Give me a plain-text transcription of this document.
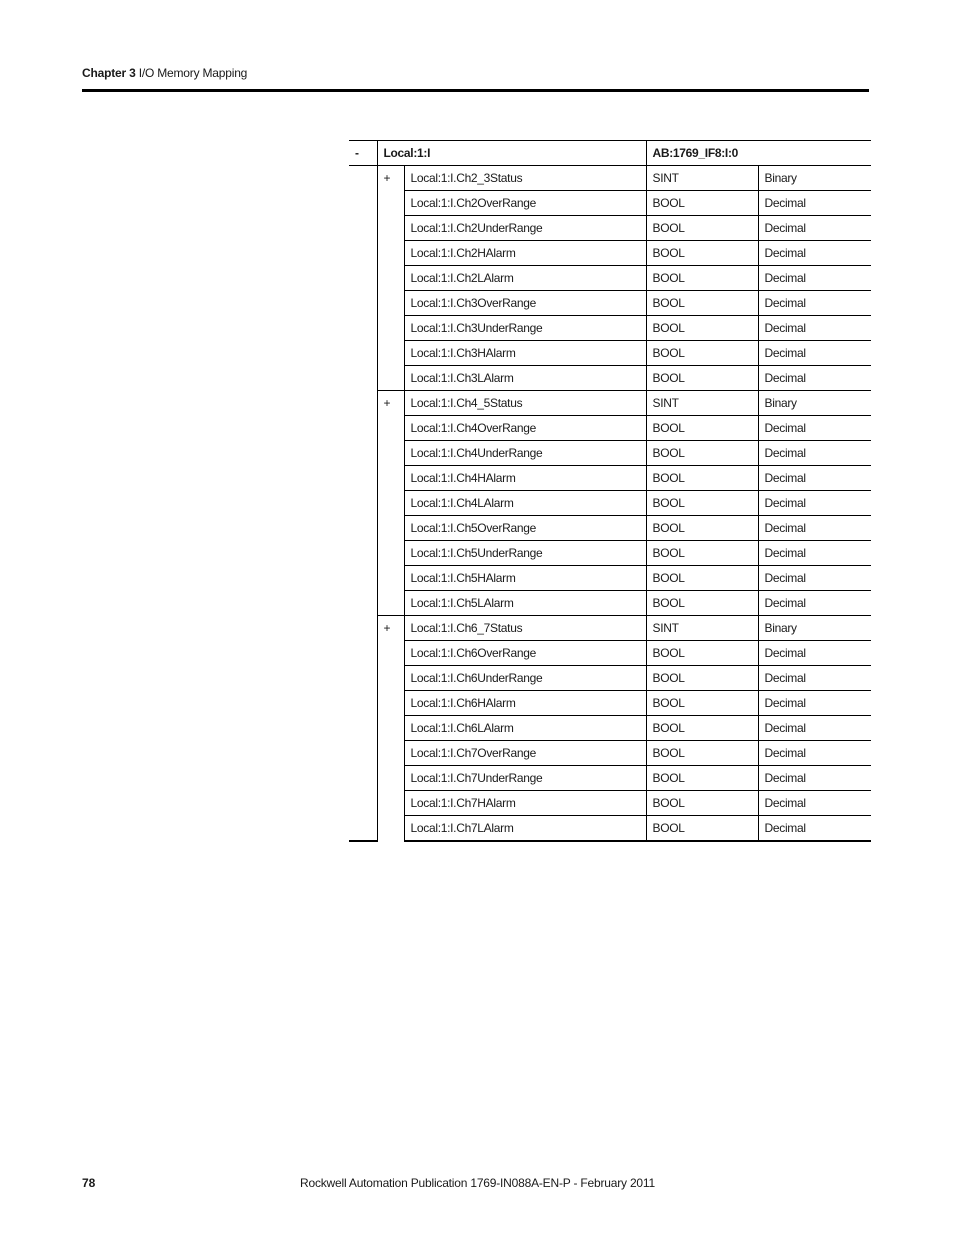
Chapter 3 I/O Memory Mapping
-	Local:1:I		AB:1769_IF8:I:0	
	+	Local:1:I.Ch2_3Status	SINT	Binary
		Local:1:I.Ch2OverRange	BOOL	Decimal
		Local:1:I.Ch2UnderRange	BOOL	Decimal
		Local:1:I.Ch2HAlarm	BOOL	Decimal
		Local:1:I.Ch2LAlarm	BOOL	Decimal
		Local:1:I.Ch3OverRange	BOOL	Decimal
		Local:1:I.Ch3UnderRange	BOOL	Decimal
		Local:1:I.Ch3HAlarm	BOOL	Decimal
		Local:1:I.Ch3LAlarm	BOOL	Decimal
	+	Local:1:I.Ch4_5Status	SINT	Binary
		Local:1:I.Ch4OverRange	BOOL	Decimal
		Local:1:I.Ch4UnderRange	BOOL	Decimal
		Local:1:I.Ch4HAlarm	BOOL	Decimal
		Local:1:I.Ch4LAlarm	BOOL	Decimal
		Local:1:I.Ch5OverRange	BOOL	Decimal
		Local:1:I.Ch5UnderRange	BOOL	Decimal
		Local:1:I.Ch5HAlarm	BOOL	Decimal
		Local:1:I.Ch5LAlarm	BOOL	Decimal
	+	Local:1:I.Ch6_7Status	SINT	Binary
		Local:1:I.Ch6OverRange	BOOL	Decimal
		Local:1:I.Ch6UnderRange	BOOL	Decimal
		Local:1:I.Ch6HAlarm	BOOL	Decimal
		Local:1:I.Ch6LAlarm	BOOL	Decimal
		Local:1:I.Ch7OverRange	BOOL	Decimal
		Local:1:I.Ch7UnderRange	BOOL	Decimal
		Local:1:I.Ch7HAlarm	BOOL	Decimal
		Local:1:I.Ch7LAlarm	BOOL	Decimal
78	Rockwell Automation Publication 1769-IN088A-EN-P - February 2011
